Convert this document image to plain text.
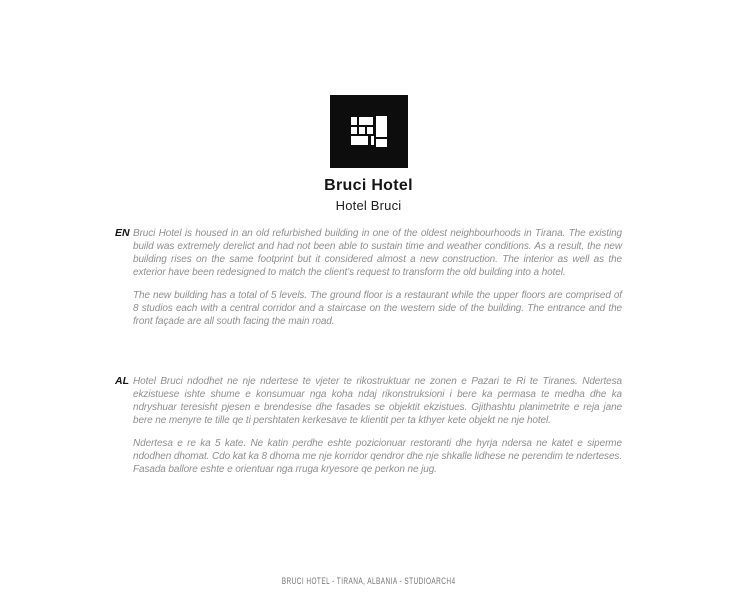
Bruci Hotel
Hotel Bruci
EN Bruci Hotel is housed in an old refurbished building in one of the oldest neighbourhoods in Tirana. The existing build was extremely derelict and had not been able to sustain time and weather conditions. As a result, the new building rises on the same footprint but it considered almost a new construction. The interior as well as the exterior have been redesigned to match the client’s request to transform the old building into a hotel.

The new building has a total of 5 levels. The ground floor is a restaurant while the upper floors are comprised of 8 studios each with a central corridor and a staircase on the western side of the building. The entrance and the front façade are all south facing the main road.

AL Hotel Bruci ndodhet ne nje ndertese te vjeter te rikostruktuar ne zonen e Pazari te Ri te Tiranes. Ndertesa ekzistuese ishte shume e konsumuar nga koha ndaj rikonstruksioni i bere ka permasa te medha dhe ka ndryshuar teresisht pjesen e brendesise dhe fasades se objektit ekzistues. Gjithashtu planimetrite e reja jane bere ne menyre te tille qe ti pershtaten kerkesave te klientit per ta kthyer kete objekt ne nje hotel.

Ndertesa e re ka 5 kate. Ne katin perdhe eshte pozicionuar restoranti dhe hyrja ndersa ne katet e siperme ndodhen dhomat. Cdo kat ka 8 dhoma me nje korridor qendror dhe nje shkalle lidhese ne perendim te nderteses. Fasada ballore eshte e orientuar nga rruga kryesore qe perkon ne jug.

BRUCI HOTEL - TIRANA, ALBANIA - STUDIOARCH4
